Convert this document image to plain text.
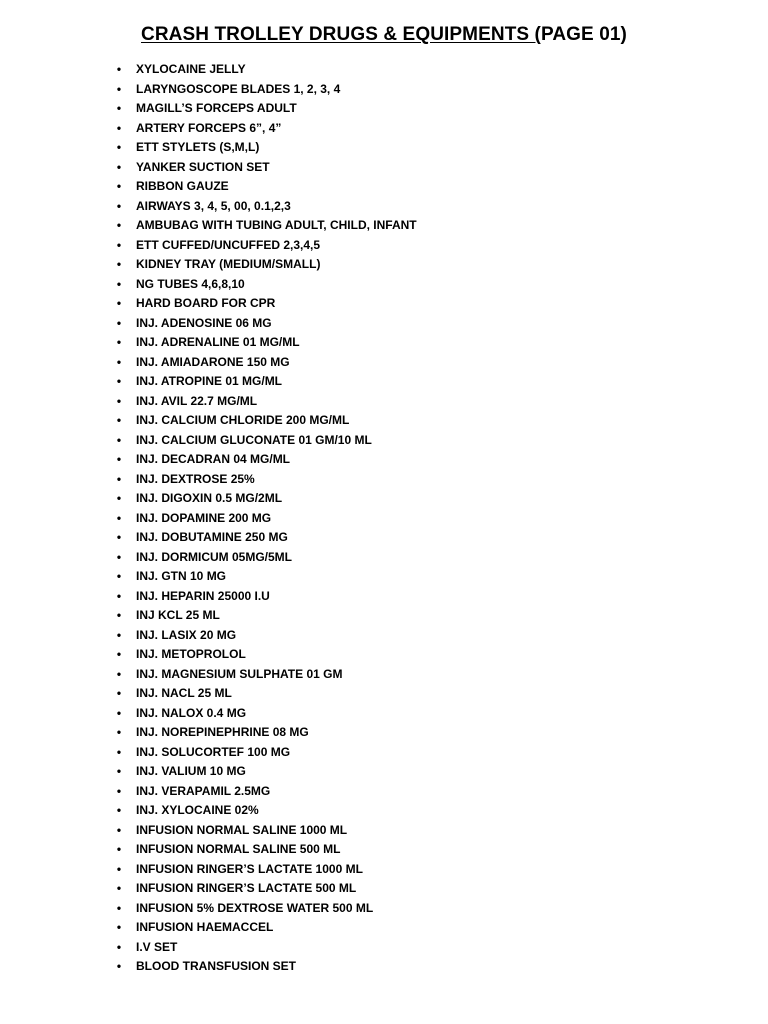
CRASH TROLLEY DRUGS & EQUIPMENTS (PAGE 01)
• XYLOCAINE JELLY
• LARYNGOSCOPE BLADES 1, 2, 3, 4
• MAGILL’S FORCEPS ADULT
• ARTERY FORCEPS 6”, 4”
• ETT STYLETS (S,M,L)
• YANKER SUCTION SET
• RIBBON GAUZE
• AIRWAYS 3, 4, 5, 00, 0.1,2,3
• AMBUBAG WITH TUBING ADULT, CHILD, INFANT
• ETT CUFFED/UNCUFFED 2,3,4,5
• KIDNEY TRAY (MEDIUM/SMALL)
• NG TUBES 4,6,8,10
• HARD BOARD FOR CPR
• INJ. ADENOSINE 06 MG
• INJ. ADRENALINE 01 MG/ML
• INJ. AMIADARONE 150 MG
• INJ. ATROPINE 01 MG/ML
• INJ. AVIL 22.7 MG/ML
• INJ. CALCIUM CHLORIDE 200 MG/ML
• INJ. CALCIUM GLUCONATE 01 GM/10 ML
• INJ. DECADRAN 04 MG/ML
• INJ. DEXTROSE 25%
• INJ. DIGOXIN 0.5 MG/2ML
• INJ. DOPAMINE 200 MG
• INJ. DOBUTAMINE 250 MG
• INJ. DORMICUM 05MG/5ML
• INJ. GTN 10 MG
• INJ. HEPARIN 25000 I.U
• INJ KCL 25 ML
• INJ. LASIX 20 MG
• INJ. METOPROLOL
• INJ. MAGNESIUM SULPHATE 01 GM
• INJ. NACL 25 ML
• INJ. NALOX 0.4 MG
• INJ. NOREPINEPHRINE 08 MG
• INJ. SOLUCORTEF 100 MG
• INJ. VALIUM 10 MG
• INJ. VERAPAMIL 2.5MG
• INJ. XYLOCAINE 02%
• INFUSION NORMAL SALINE 1000 ML
• INFUSION NORMAL SALINE 500 ML
• INFUSION RINGER’S LACTATE 1000 ML
• INFUSION RINGER’S LACTATE 500 ML
• INFUSION 5% DEXTROSE WATER 500 ML
• INFUSION HAEMACCEL
• I.V SET
• BLOOD TRANSFUSION SET
